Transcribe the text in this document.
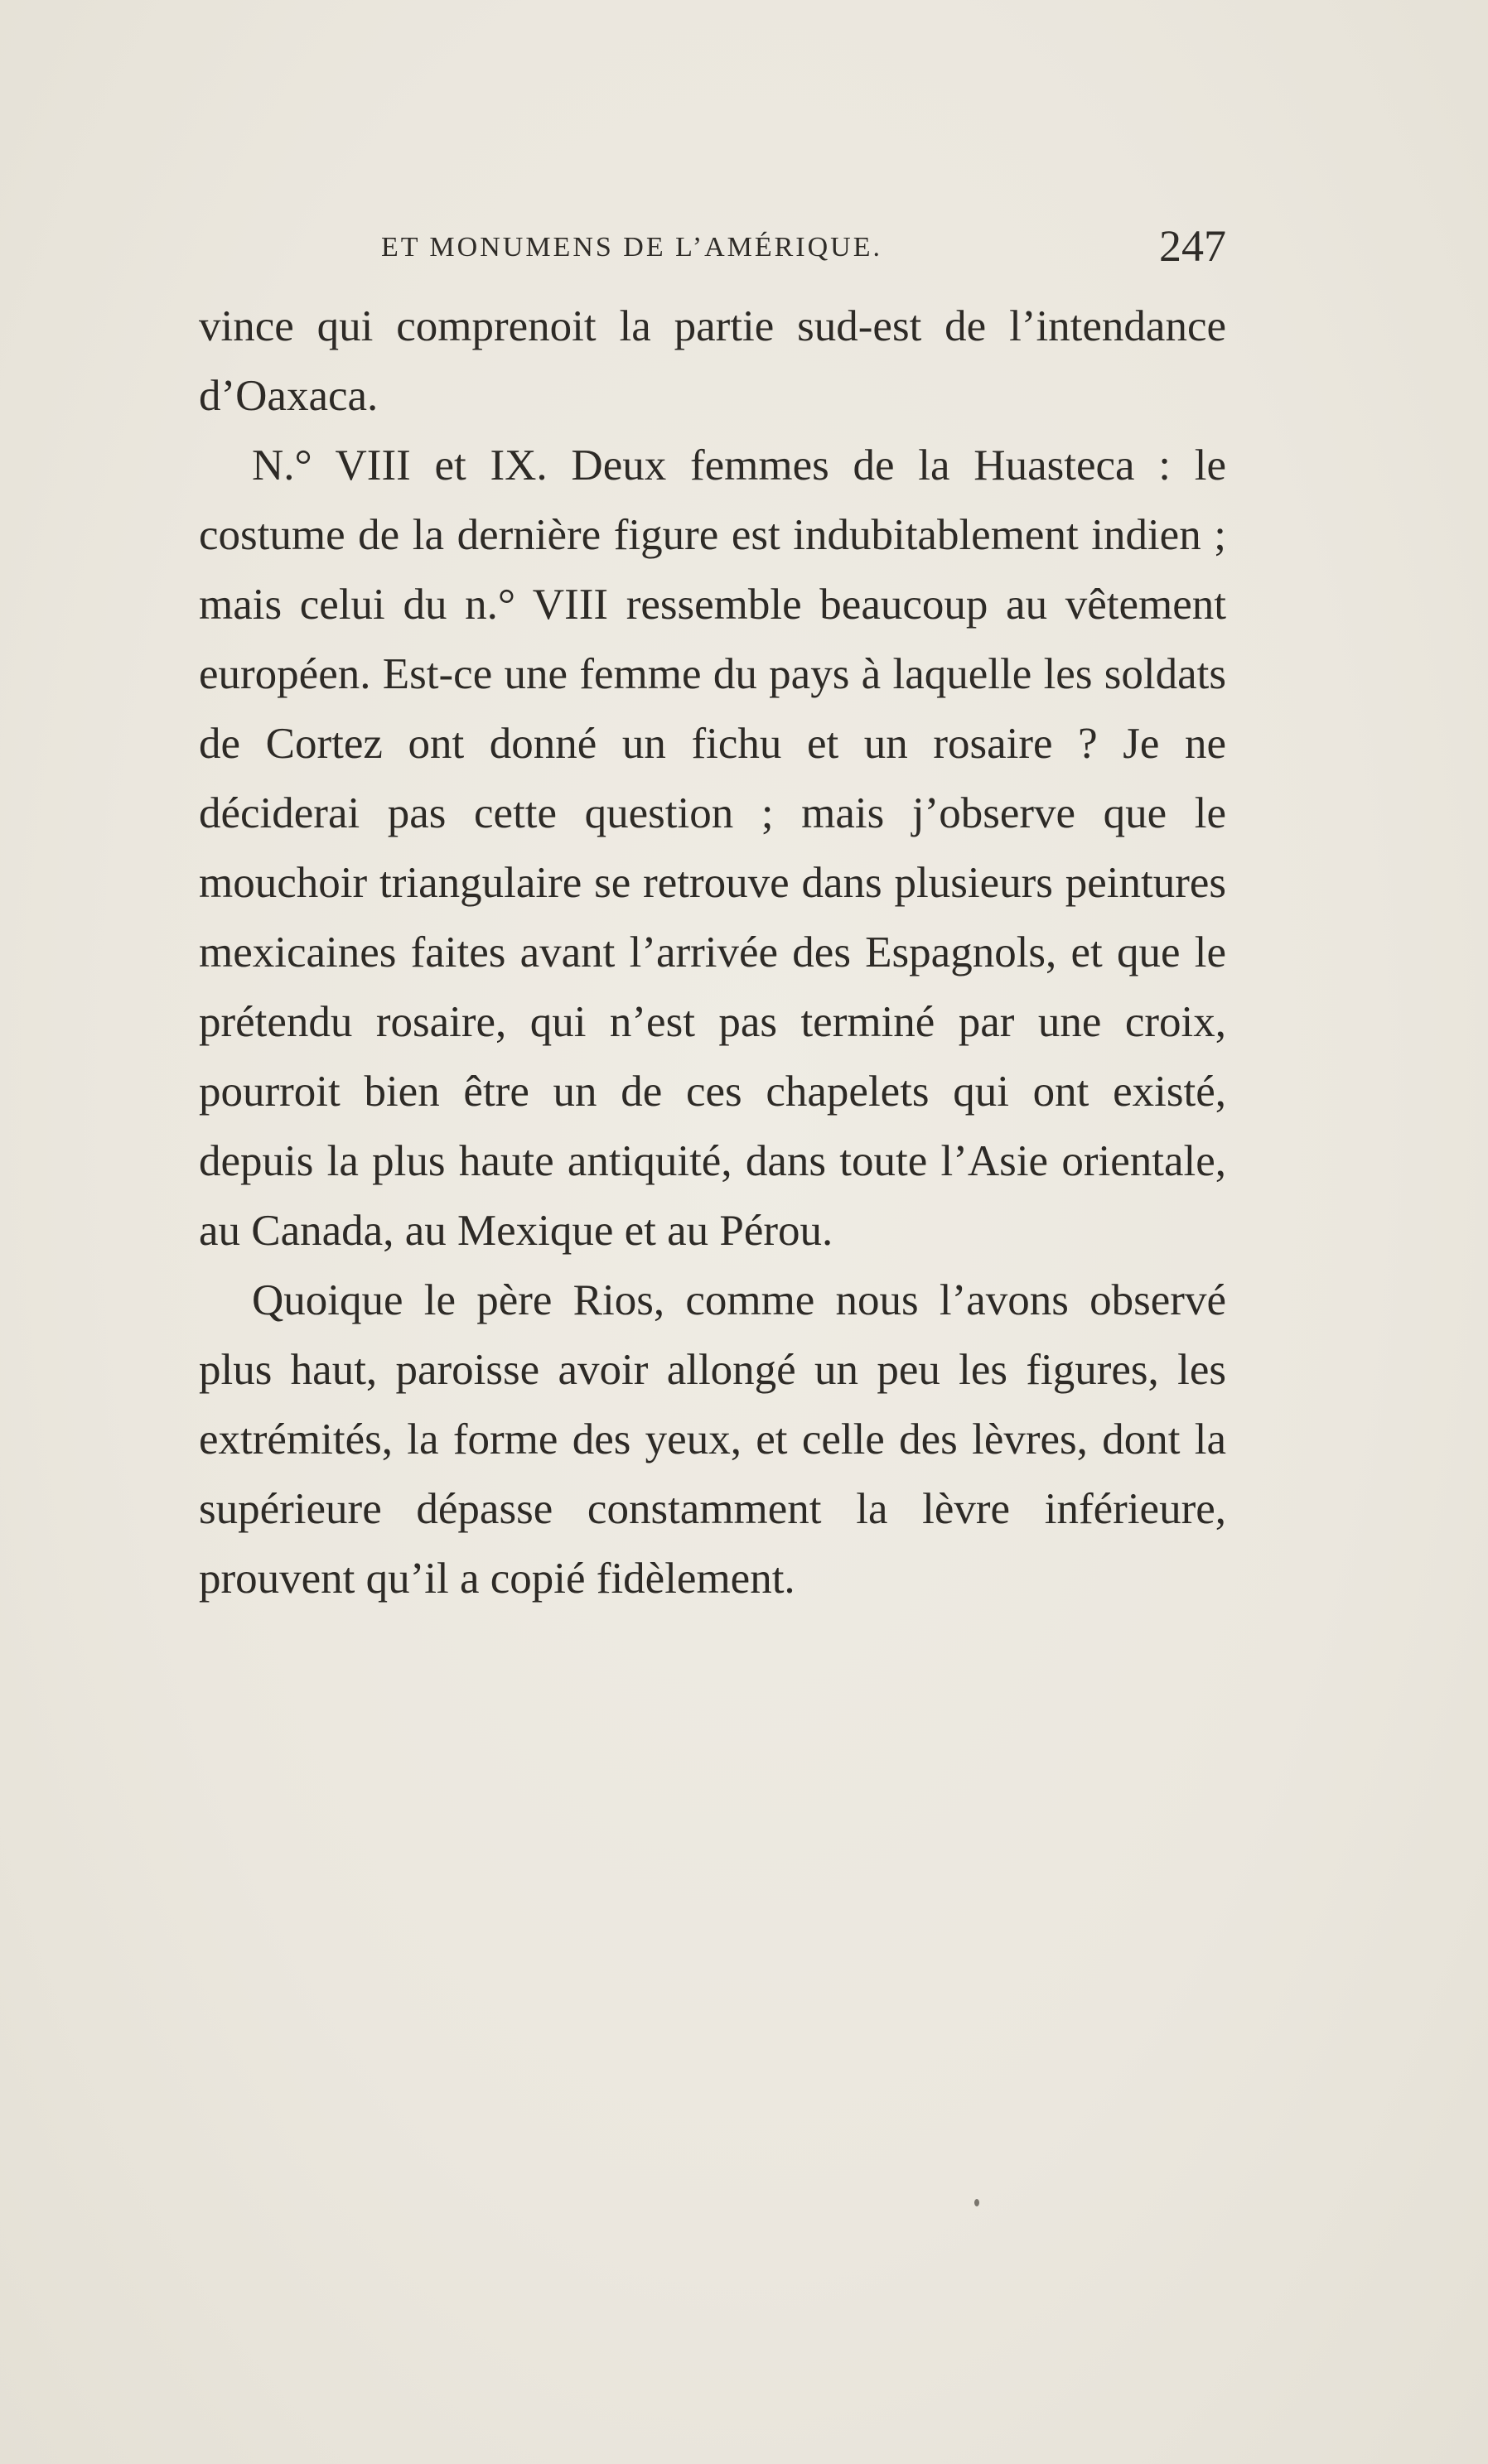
ET MONUMENS DE L’AMÉRIQUE.	247

vince qui comprenoit la partie sud-est de l’intendance d’Oaxaca.

N.° VIII et IX. Deux femmes de la Huasteca : le costume de la dernière figure est indubitablement indien ; mais celui du n.° VIII ressemble beaucoup au vêtement européen. Est-ce une femme du pays à laquelle les soldats de Cortez ont donné un fichu et un rosaire ? Je ne déciderai pas cette question ; mais j’observe que le mouchoir triangulaire se retrouve dans plusieurs peintures mexicaines faites avant l’arrivée des Espagnols, et que le prétendu rosaire, qui n’est pas terminé par une croix, pourroit bien être un de ces chapelets qui ont existé, depuis la plus haute antiquité, dans toute l’Asie orientale, au Canada, au Mexique et au Pérou.

Quoique le père Rios, comme nous l’avons observé plus haut, paroisse avoir allongé un peu les figures, les extrémités, la forme des yeux, et celle des lèvres, dont la supérieure dépasse constamment la lèvre inférieure, prouvent qu’il a copié fidèlement.
